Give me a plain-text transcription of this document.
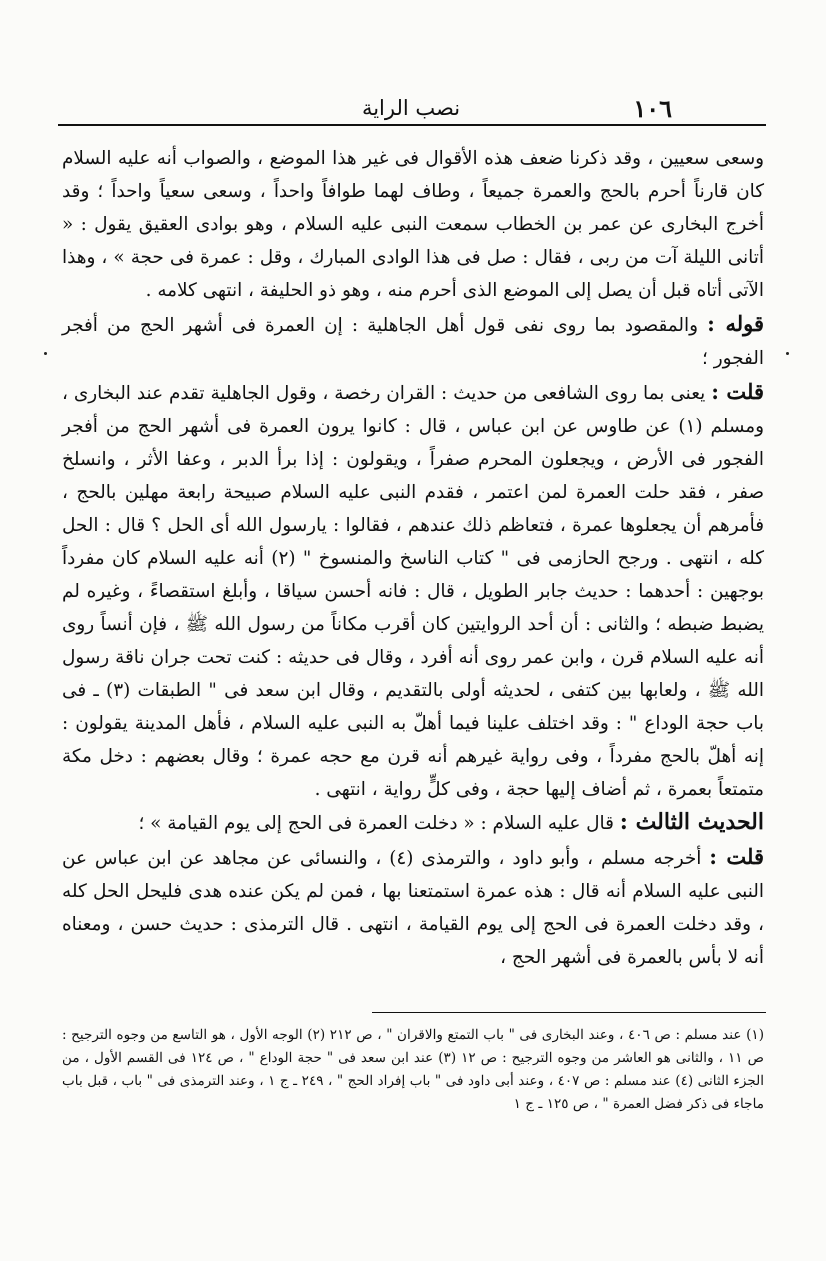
١٠٦
نصب الراية

وسعى سعيين ، وقد ذكرنا ضعف هذه الأقوال فى غير هذا الموضع ، والصواب أنه عليه السلام كان قارناً أحرم بالحج والعمرة جميعاً ، وطاف لهما طوافاً واحداً ، وسعى سعياً واحداً ؛ وقد أخرج البخارى عن عمر بن الخطاب سمعت النبى عليه السلام ، وهو بوادى العقيق يقول : « أتانى الليلة آت من ربى ، فقال : صل فى هذا الوادى المبارك ، وقل : عمرة فى حجة » ، وهذا الآتى أتاه قبل أن يصل إلى الموضع الذى أحرم منه ، وهو ذو الحليفة ، انتهى كلامه .

قوله : والمقصود بما روى نفى قول أهل الجاهلية : إن العمرة فى أشهر الحج من أفجر الفجور ؛

قلت : يعنى بما روى الشافعى من حديث : القران رخصة ، وقول الجاهلية تقدم عند البخارى ، ومسلم (١) عن طاوس عن ابن عباس ، قال : كانوا يرون العمرة فى أشهر الحج من أفجر الفجور فى الأرض ، ويجعلون المحرم صفراً ، ويقولون : إذا برأ الدبر ، وعفا الأثر ، وانسلخ صفر ، فقد حلت العمرة لمن اعتمر ، فقدم النبى عليه السلام صبيحة رابعة مهلين بالحج ، فأمرهم أن يجعلوها عمرة ، فتعاظم ذلك عندهم ، فقالوا : يارسول الله أى الحل ؟ قال : الحل كله ، انتهى . ورجح الحازمى فى " كتاب الناسخ والمنسوخ " (٢) أنه عليه السلام كان مفرداً بوجهين : أحدهما : حديث جابر الطويل ، قال : فانه أحسن سياقا ، وأبلغ استقصاءً ، وغيره لم يضبط ضبطه ؛ والثانى : أن أحد الروايتين كان أقرب مكاناً من رسول الله ﷺ ، فإن أنساً روى أنه عليه السلام قرن ، وابن عمر روى أنه أفرد ، وقال فى حديثه : كنت تحت جران ناقة رسول الله ﷺ ، ولعابها بين كتفى ، لحديثه أولى بالتقديم ، وقال ابن سعد فى " الطبقات (٣) ـ فى باب حجة الوداع " : وقد اختلف علينا فيما أهلّ به النبى عليه السلام ، فأهل المدينة يقولون : إنه أهلّ بالحج مفرداً ، وفى رواية غيرهم أنه قرن مع حجه عمرة ؛ وقال بعضهم : دخل مكة متمتعاً بعمرة ، ثم أضاف إليها حجة ، وفى كلٍّ رواية ، انتهى .

الحديث الثالث : قال عليه السلام : « دخلت العمرة فى الحج إلى يوم القيامة » ؛

قلت : أخرجه مسلم ، وأبو داود ، والترمذى (٤) ، والنسائى عن مجاهد عن ابن عباس عن النبى عليه السلام أنه قال : هذه عمرة استمتعنا بها ، فمن لم يكن عنده هدى فليحل الحل كله ، وقد دخلت العمرة فى الحج إلى يوم القيامة ، انتهى . قال الترمذى : حديث حسن ، ومعناه أنه لا بأس بالعمرة فى أشهر الحج ،

(١) عند مسلم : ص ٤٠٦ ، وعند البخارى فى " باب التمتع والاقران " ، ص ٢١٢ (٢) الوجه الأول ، هو التاسع من وجوه الترجيح : ص ١١ ، والثانى هو العاشر من وجوه الترجيح : ص ١٢ (٣) عند ابن سعد فى " حجة الوداع " ، ص ١٢٤ فى القسم الأول ، من الجزء الثانى (٤) عند مسلم : ص ٤٠٧ ، وعند أبى داود فى " باب إفراد الحج " ، ٢٤٩ ـ ج ١ ، وعند الترمذى فى " باب ، قبل باب ماجاء فى ذكر فضل العمرة " ، ص ١٢٥ ـ ج ١
